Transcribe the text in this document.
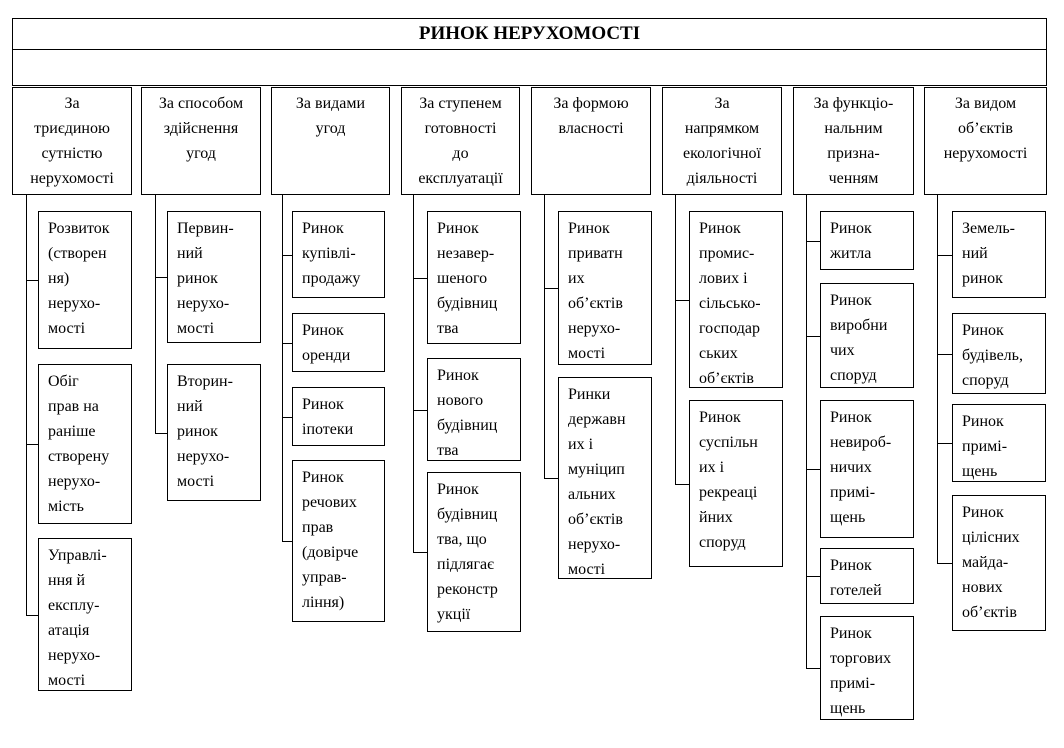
РИНОК НЕРУХОМОСТІ
За
триєдиною
сутністю
нерухомості
Розвиток
(створен
ня)
нерухо-
мості
Обіг
прав на
раніше
створену
нерухо-
мість
Управлі-
ння й
експлу-
атація
нерухо-
мості
За способом
здійснення
угод
Первин-
ний
ринок
нерухо-
мості
Вторин-
ний
ринок
нерухо-
мості
За видами
угод
Ринок
купівлі-
продажу
Ринок
оренди
Ринок
іпотеки
Ринок
речових
прав
(довірче
управ-
ління)
За ступенем
готовності
до
експлуатації
Ринок
незавер-
шеного
будівниц
тва
Ринок
нового
будівниц
тва
Ринок
будівниц
тва, що
підлягає
реконстр
укції
За формою
власності
Ринок
приватн
их
об’єктів
нерухо-
мості
Ринки
державн
их і
муніцип
альних
об’єктів
нерухо-
мості
За
напрямком
екологічної
діяльності
Ринок
промис-
лових і
сільсько-
господар
ських
об’єктів
Ринок
суспільн
их і
рекреаці
йних
споруд
За функціо-
нальним
призна-
ченням
Ринок
житла
Ринок
виробни
чих
споруд
Ринок
невироб-
ничих
примі-
щень
Ринок
готелей
Ринок
торгових
примі-
щень
За видом
об’єктів
нерухомості
Земель-
ний
ринок
Ринок
будівель,
споруд
Ринок
примі-
щень
Ринок
цілісних
майда-
нових
об’єктів
